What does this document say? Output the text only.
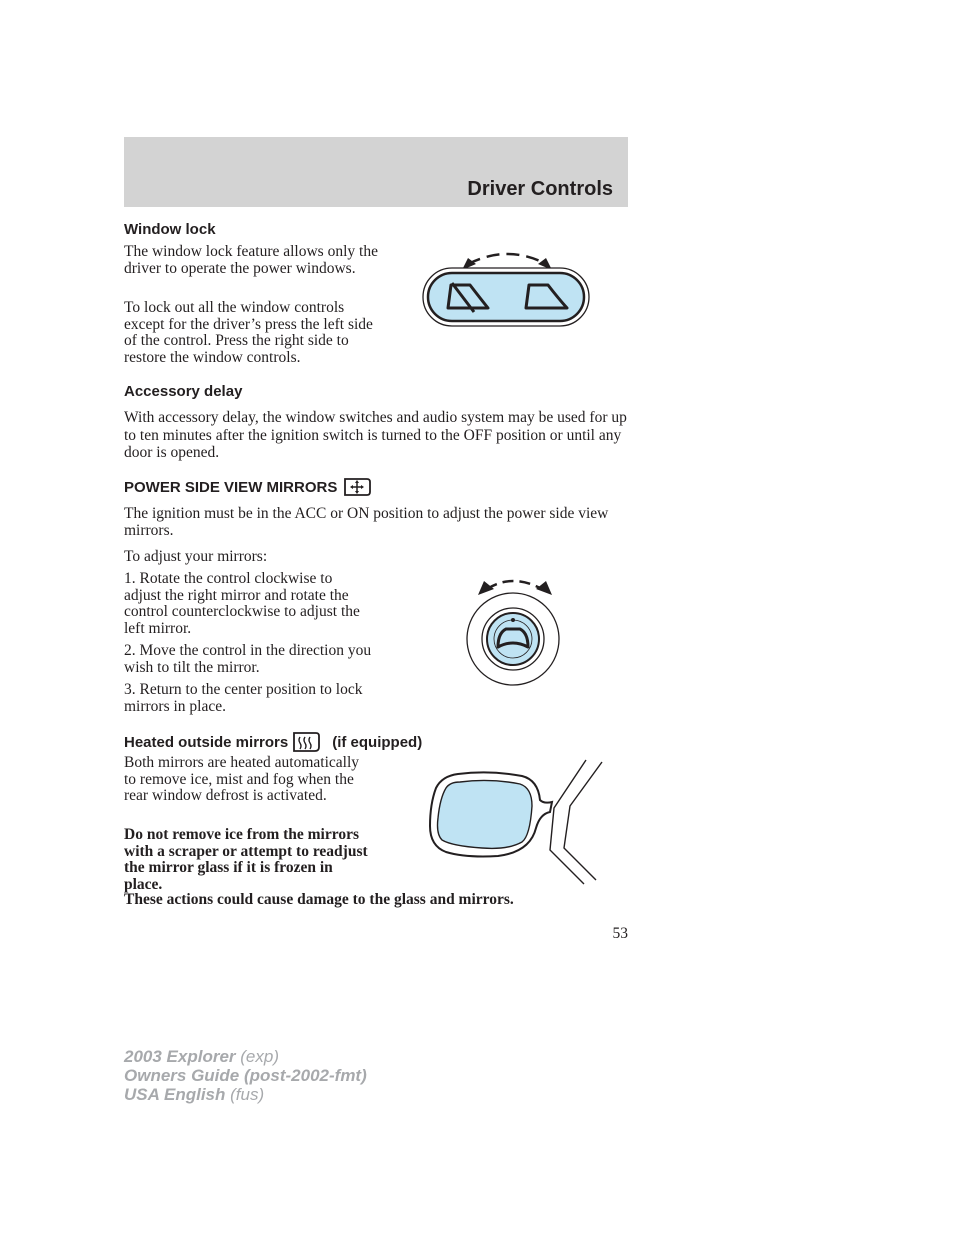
Driver Controls
Window lock

The window lock feature allows only the driver to operate the power windows.

To lock out all the window controls except for the driver’s press the left side of the control. Press the right side to restore the window controls.

Accessory delay

With accessory delay, the window switches and audio system may be used for up to ten minutes after the ignition switch is turned to the OFF position or until any door is opened.

POWER SIDE VIEW MIRRORS

The ignition must be in the ACC or ON position to adjust the power side view mirrors.

To adjust your mirrors:

1. Rotate the control clockwise to adjust the right mirror and rotate the control counterclockwise to adjust the left mirror.

2. Move the control in the direction you wish to tilt the mirror.

3. Return to the center position to lock mirrors in place.

Heated outside mirrors	(if equipped)

Both mirrors are heated automatically to remove ice, mist and fog when the rear window defrost is activated.

Do not remove ice from the mirrors with a scraper or attempt to readjust the mirror glass if it is frozen in place.

These actions could cause damage to the glass and mirrors.

53
2003 Explorer (exp)
Owners Guide (post-2002-fmt)
USA English (fus)
